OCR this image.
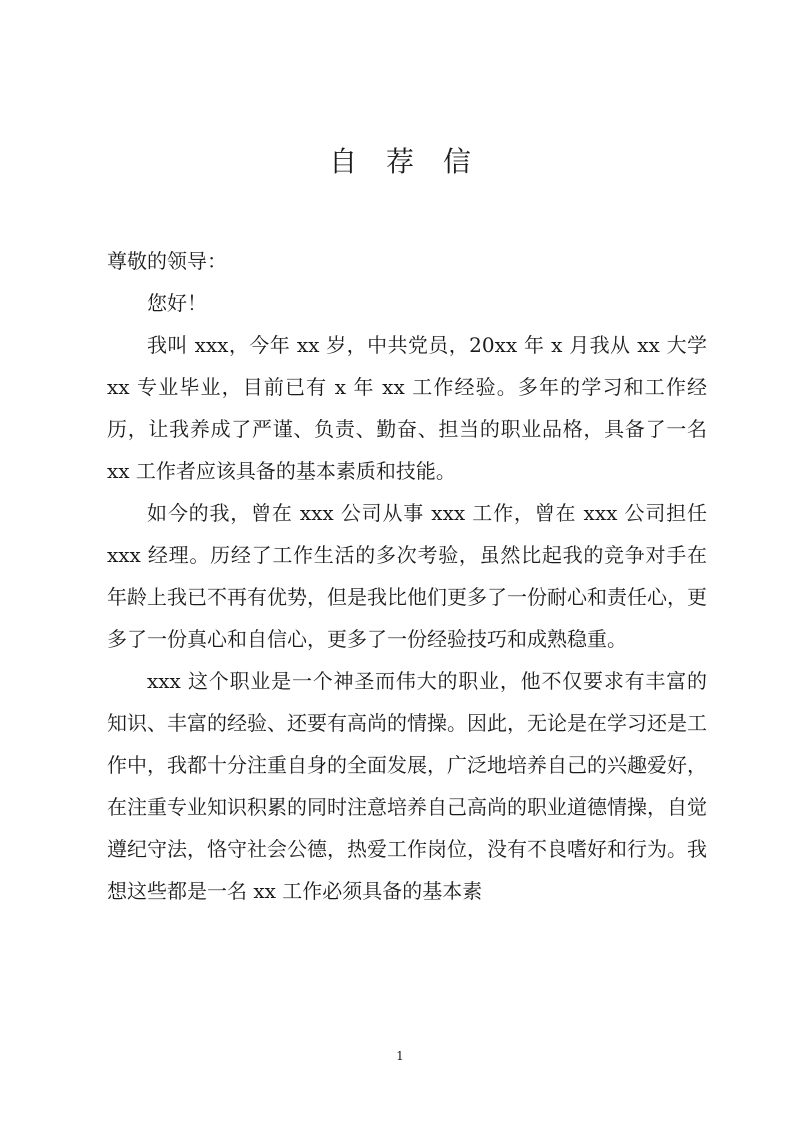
自 荐 信

尊敬的领导：

您好！

我叫 xxx，今年 xx 岁，中共党员，20xx 年 x 月我从 xx 大学 xx 专业毕业，目前已有 x 年 xx 工作经验。多年的学习和工作经历，让我养成了严谨、负责、勤奋、担当的职业品格，具备了一名 xx 工作者应该具备的基本素质和技能。

如今的我，曾在 xxx 公司从事 xxx 工作，曾在 xxx 公司担任 xxx 经理。历经了工作生活的多次考验，虽然比起我的竞争对手在年龄上我已不再有优势，但是我比他们更多了一份耐心和责任心，更多了一份真心和自信心，更多了一份经验技巧和成熟稳重。

xxx 这个职业是一个神圣而伟大的职业，他不仅要求有丰富的知识、丰富的经验、还要有高尚的情操。因此，无论是在学习还是工作中，我都十分注重自身的全面发展，广泛地培养自己的兴趣爱好，在注重专业知识积累的同时注意培养自己高尚的职业道德情操，自觉遵纪守法，恪守社会公德，热爱工作岗位，没有不良嗜好和行为。我想这些都是一名 xx 工作必须具备的基本素

1
